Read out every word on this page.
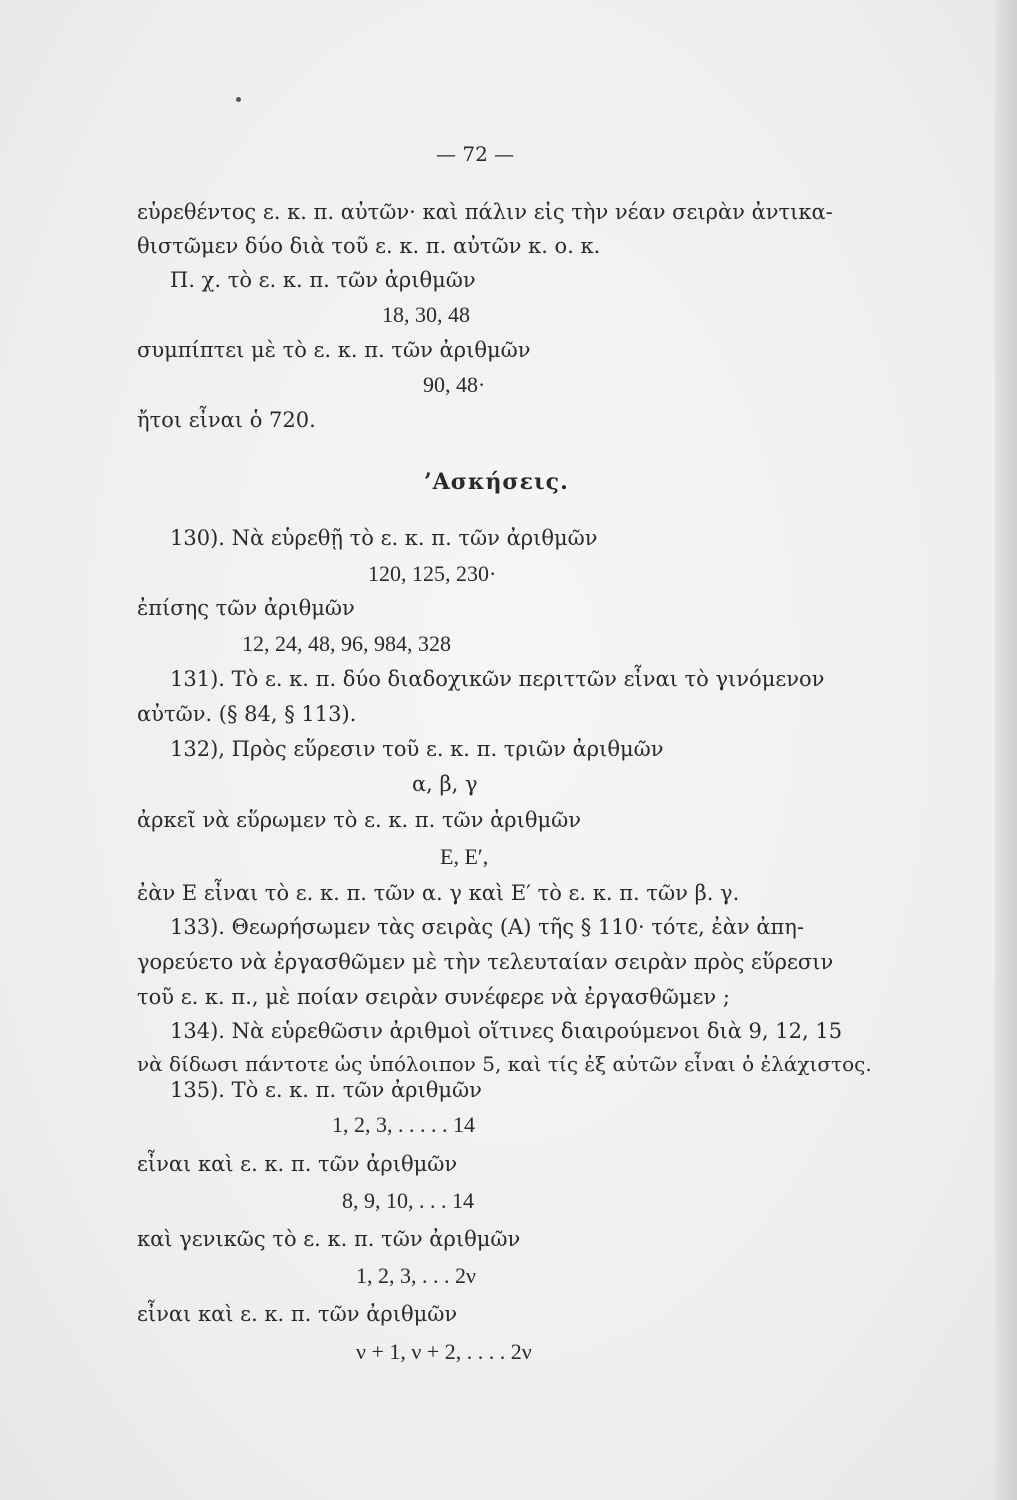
— 72 —
εὑρεθέντος ε. κ. π. αὐτῶν· καὶ πάλιν εἰς τὴν νέαν σειρὰν ἀντικα-
θιστῶμεν δύο διὰ τοῦ ε. κ. π. αὐτῶν κ. ο. κ.
Π. χ. τὸ ε. κ. π. τῶν ἀριθμῶν
18, 30, 48
συμπίπτει μὲ τὸ ε. κ. π. τῶν ἀριθμῶν
90, 48·
ἤτοι εἶναι ὁ 720.
’Ασκήσεις.
130). Νὰ εὑρεθῇ τὸ ε. κ. π. τῶν ἀριθμῶν
120, 125, 230·
ἐπίσης τῶν ἀριθμῶν
12, 24, 48, 96, 984, 328
131). Τὸ ε. κ. π. δύο διαδοχικῶν περιττῶν εἶναι τὸ γινόμενον
αὐτῶν. (§ 84, § 113).
132), Πρὸς εὕρεσιν τοῦ ε. κ. π. τριῶν ἀριθμῶν
α, β, γ
ἀρκεῖ νὰ εὕρωμεν τὸ ε. κ. π. τῶν ἀριθμῶν
E, E′,
ἐὰν E εἶναι τὸ ε. κ. π. τῶν α. γ καὶ E′ τὸ ε. κ. π. τῶν β. γ.
133). Θεωρήσωμεν τὰς σειρὰς (A) τῆς § 110· τότε, ἐὰν ἀπη-
γορεύετο νὰ ἐργασθῶμεν μὲ τὴν τελευταίαν σειρὰν πρὸς εὕρεσιν
τοῦ ε. κ. π., μὲ ποίαν σειρὰν συνέφερε νὰ ἐργασθῶμεν ;
134). Νὰ εὑρεθῶσιν ἀριθμοὶ οἵτινες διαιρούμενοι διὰ 9, 12, 15
νὰ δίδωσι πάντοτε ὡς ὑπόλοιπον 5, καὶ τίς ἐξ αὐτῶν εἶναι ὁ ἐλάχιστος.
135). Τὸ ε. κ. π. τῶν ἀριθμῶν
1, 2, 3, . . . . . 14
εἶναι καὶ ε. κ. π. τῶν ἀριθμῶν
8, 9, 10, . . . 14
καὶ γενικῶς τὸ ε. κ. π. τῶν ἀριθμῶν
1, 2, 3, . . . 2ν
εἶναι καὶ ε. κ. π. τῶν ἀριθμῶν
ν + 1, ν + 2, . . . . 2ν
